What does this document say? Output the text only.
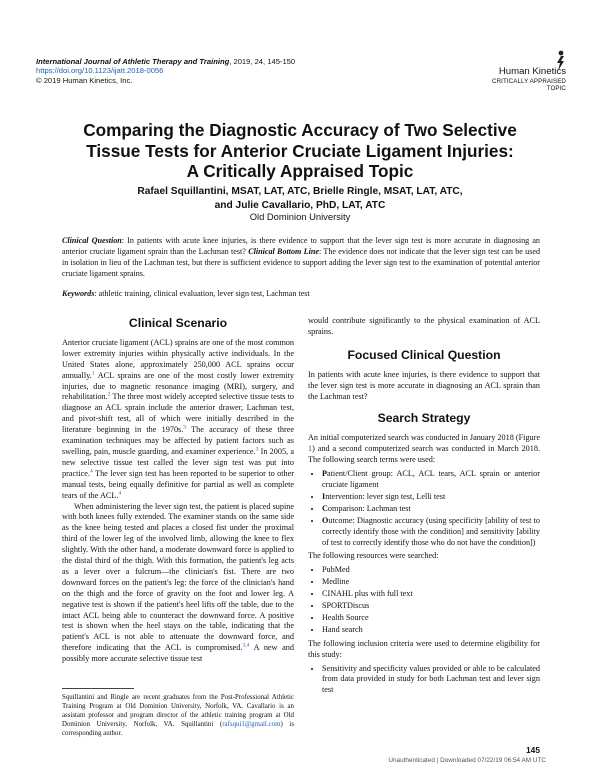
International Journal of Athletic Therapy and Training, 2019, 24, 145-150
https://doi.org/10.1123/ijatt.2018-0056
© 2019 Human Kinetics, Inc.
Human Kinetics
CRITICALLY APPRAISED TOPIC
Comparing the Diagnostic Accuracy of Two Selective
Tissue Tests for Anterior Cruciate Ligament Injuries:
A Critically Appraised Topic
Rafael Squillantini, MSAT, LAT, ATC, Brielle Ringle, MSAT, LAT, ATC,
and Julie Cavallario, PhD, LAT, ATC
Old Dominion University
Clinical Question: In patients with acute knee injuries, is there evidence to support that the lever sign test is more accurate in diagnosing an anterior cruciate ligament sprain than the Lachman test? Clinical Bottom Line: The evidence does not indicate that the lever sign test can be used in isolation in lieu of the Lachman test, but there is sufficient evidence to support adding the lever sign test to the examination of potential anterior cruciate ligament sprains.
Keywords: athletic training, clinical evaluation, lever sign test, Lachman test
Clinical Scenario

Anterior cruciate ligament (ACL) sprains are one of the most common lower extremity injuries within physically active individuals. In the United States alone, approximately 250,000 ACL sprains occur annually.$^1$ ACL sprains are one of the most costly lower extremity injuries, due to magnetic resonance imaging (MRI), surgery, and rehabilitation.$^2$ The three most widely accepted selective tissue tests to diagnose an ACL sprain include the anterior drawer, Lachman test, and pivot-shift test, all of which were initially described in the literature beginning in the 1970s.$^3$ The accuracy of these three examination techniques may be affected by patient factors such as swelling, pain, muscle guarding, and examiner experience.$^3$ In 2005, a new selective tissue test called the lever sign test was put into practice.$^4$ The lever sign test has been reported to be superior to other manual tests, being equally definitive for partial as well as complete tears of the ACL.$^4$

When administering the lever sign test, the patient is placed supine with both knees fully extended. The examiner stands on the same side as the knee being tested and places a closed fist under the proximal third of the lower leg of the involved limb, allowing the knee to flex slightly. With the other hand, a moderate downward force is applied to the distal third of the thigh. With this formation, the patient's leg acts as a lever over a fulcrum—the clinician's fist. There are two downward forces on the patient's leg: the force of the clinician's hand on the thigh and the force of gravity on the foot and lower leg. A negative test is shown if the patient's heel lifts off the table, due to the intact ACL being able to counteract the downward force. A positive test is shown when the heel stays on the table, indicating that the patient's ACL is not able to attenuate the downward force, and therefore indicating that the ACL is compromised.$^{3,4}$ A new and possibly more accurate selective tissue test

Squillantini and Ringle are recent graduates from the Post-Professional Athletic Training Program at Old Dominion University, Norfolk, VA. Cavallario is an assistant professor and program director of the athletic training program at Old Dominion University, Norfolk, VA. Squillantini (rafsqui1@gmail.com) is corresponding author.

would contribute significantly to the physical examination of ACL sprains.

Focused Clinical Question

In patients with acute knee injuries, is there evidence to support that the lever sign test is more accurate in diagnosing an ACL sprain than the Lachman test?

Search Strategy

An initial computerized search was conducted in January 2018 (Figure 1) and a second computerized search was conducted in March 2018. The following search terms were used:

• Patient/Client group: ACL, ACL tears, ACL sprain or anterior cruciate ligament
• Intervention: lever sign test, Lelli test
• Comparison: Lachman test
• Outcome: Diagnostic accuracy (using specificity [ability of test to correctly identify those with the condition] and sensitivity [ability of test to correctly identify those who do not have the condition])

The following resources were searched:

• PubMed
• Medline
• CINAHL plus with full text
• SPORTDiscus
• Health Source
• Hand search

The following inclusion criteria were used to determine eligibility for this study:

• Sensitivity and specificity values provided or able to be calculated from data provided in study for both Lachman test and lever sign test
145
Unauthenticated | Downloaded 07/22/19 06:54 AM UTC
